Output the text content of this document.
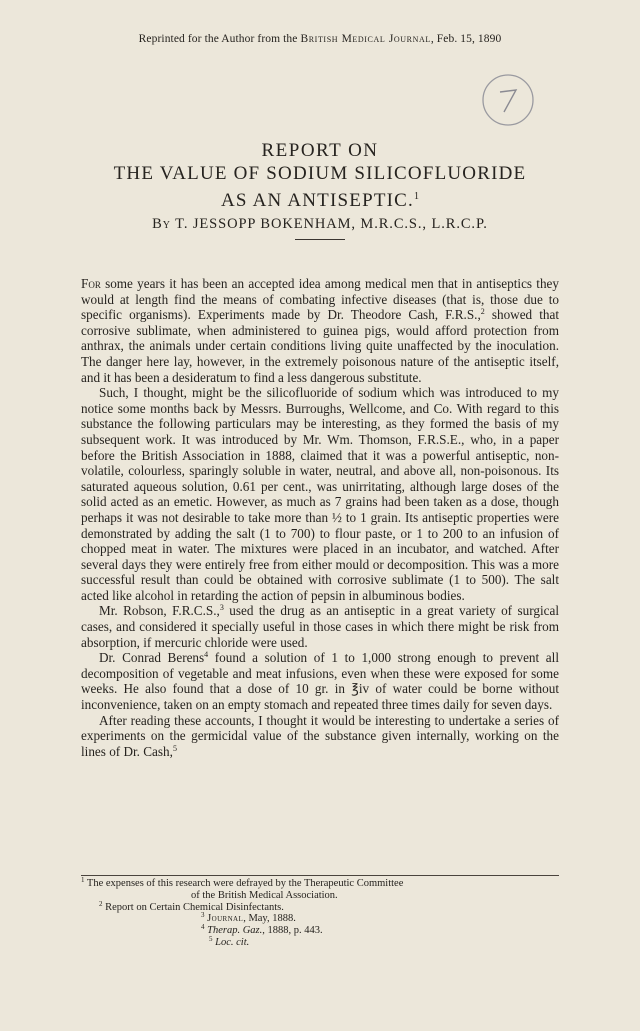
Reprinted for the Author from the British Medical Journal, Feb. 15, 1890
7
REPORT ON
THE VALUE OF SODIUM SILICOFLUORIDE
AS AN ANTISEPTIC.$^1$
By T. JESSOPP BOKENHAM, M.R.C.S., L.R.C.P.

For some years it has been an accepted idea among medical men that in antiseptics they would at length find the means of combating infective diseases (that is, those due to specific organisms). Experiments made by Dr. Theodore Cash, F.R.S.,$^2$ showed that corrosive sublimate, when administered to guinea pigs, would afford protection from anthrax, the animals under certain conditions living quite unaffected by the inoculation. The danger here lay, however, in the extremely poisonous nature of the antiseptic itself, and it has been a desideratum to find a less dangerous substitute.

Such, I thought, might be the silicofluoride of sodium which was introduced to my notice some months back by Messrs. Burroughs, Wellcome, and Co. With regard to this substance the following particulars may be interesting, as they formed the basis of my subsequent work. It was introduced by Mr. Wm. Thomson, F.R.S.E., who, in a paper before the British Association in 1888, claimed that it was a powerful antiseptic, non-volatile, colourless, sparingly soluble in water, neutral, and above all, non-poisonous. Its saturated aqueous solution, 0.61 per cent., was unirritating, although large doses of the solid acted as an emetic. However, as much as 7 grains had been taken as a dose, though perhaps it was not desirable to take more than ½ to 1 grain. Its antiseptic properties were demonstrated by adding the salt (1 to 700) to flour paste, or 1 to 200 to an infusion of chopped meat in water. The mixtures were placed in an incubator, and watched. After several days they were entirely free from either mould or decomposition. This was a more successful result than could be obtained with corrosive sublimate (1 to 500). The salt acted like alcohol in retarding the action of pepsin in albuminous bodies.

Mr. Robson, F.R.C.S.,$^3$ used the drug as an antiseptic in a great variety of surgical cases, and considered it specially useful in those cases in which there might be risk from absorption, if mercuric chloride were used.

Dr. Conrad Berens$^4$ found a solution of 1 to 1,000 strong enough to prevent all decomposition of vegetable and meat infusions, even when these were exposed for some weeks. He also found that a dose of 10 gr. in ℥iv of water could be borne without inconvenience, taken on an empty stomach and repeated three times daily for seven days.

After reading these accounts, I thought it would be interesting to undertake a series of experiments on the germicidal value of the substance given internally, working on the lines of Dr. Cash,$^5$

$^1$ The expenses of this research were defrayed by the Therapeutic Committee
of the British Medical Association.
$^2$ Report on Certain Chemical Disinfectants.
$^3$ Journal, May, 1888.
$^4$ Therap. Gaz., 1888, p. 443.
$^5$ Loc. cit.
